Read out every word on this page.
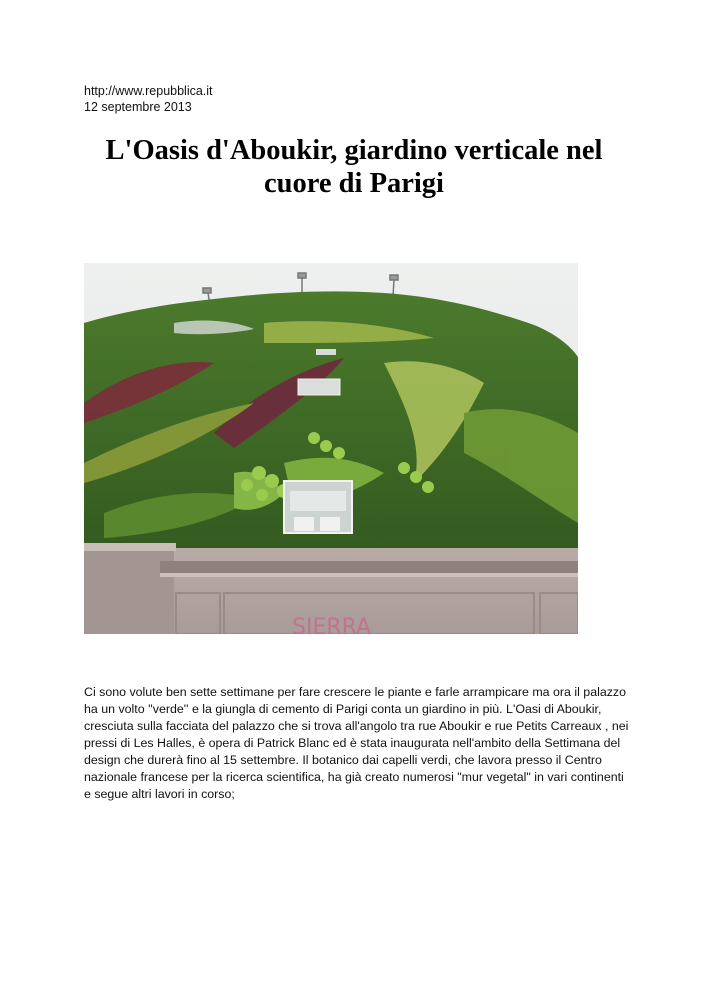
http://www.repubblica.it
12 septembre 2013
L'Oasis d'Aboukir, giardino verticale nel cuore di Parigi
SIERRA

Ci sono volute ben sette settimane per fare crescere le piante e farle arrampicare ma ora il palazzo ha un volto ''verde'' e la giungla di cemento di Parigi conta un giardino in più. L'Oasi di Aboukir, cresciuta sulla facciata del palazzo che si trova all'angolo tra rue Aboukir e rue Petits Carreaux , nei pressi di Les Halles, è opera di Patrick Blanc ed è stata inaugurata nell'ambito della Settimana del design che durerà fino al 15 settembre. Il botanico dai capelli verdi, che lavora presso il Centro nazionale francese per la ricerca scientifica, ha già creato numerosi "mur vegetal" in vari continenti e segue altri lavori in corso;
